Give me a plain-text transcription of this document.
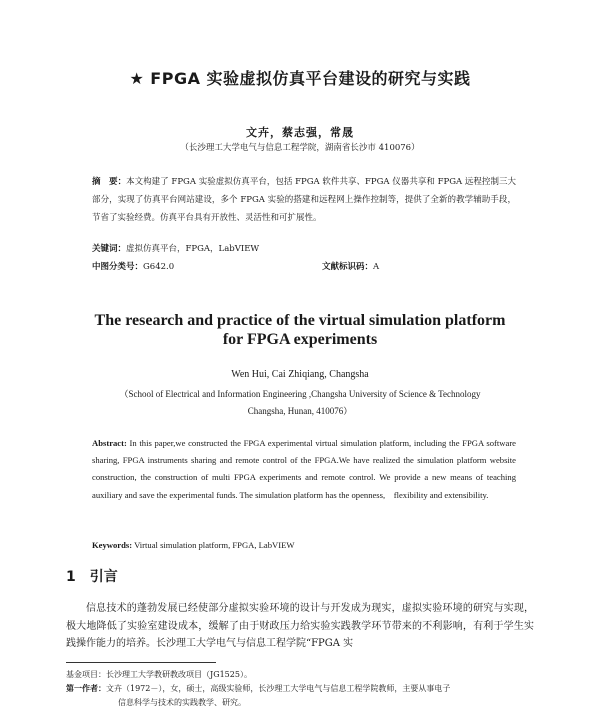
★ FPGA 实验虚拟仿真平台建设的研究与实践
文卉，蔡志强，常晟
（长沙理工大学电气与信息工程学院，湖南省长沙市 410076）
摘　要：本文构建了 FPGA 实验虚拟仿真平台，包括 FPGA 软件共享、FPGA 仪器共享和 FPGA 远程控制三大部分，实现了仿真平台网站建设，多个 FPGA 实验的搭建和远程网上操作控制等，提供了全新的教学辅助手段，节省了实验经费。仿真平台具有开放性、灵活性和可扩展性。
关键词：虚拟仿真平台，FPGA，LabVIEW
中图分类号：G642.0	文献标识码：A
The research and practice of the virtual simulation platform
for FPGA experiments
Wen Hui, Cai Zhiqiang, Changsha
（School of Electrical and Information Engineering ,Changsha University of Science & Technology
Changsha, Hunan, 410076）
Abstract: In this paper,we constructed the FPGA experimental virtual simulation platform, including the FPGA software sharing, FPGA instruments sharing and remote control of the FPGA.We have realized the simulation platform website construction, the construction of multi FPGA experiments and remote control. We provide a new means of teaching auxiliary and save the experimental funds. The simulation platform has the openness,　flexibility and extensibility.
Keywords: Virtual simulation platform, FPGA, LabVIEW
1 引言
信息技术的蓬勃发展已经使部分虚拟实验环境的设计与开发成为现实，虚拟实验环境的研究与实现，极大地降低了实验室建设成本，缓解了由于财政压力给实验实践教学环节带来的不利影响，有利于学生实践操作能力的培养。长沙理工大学电气与信息工程学院“FPGA 实
基金项目：长沙理工大学教研教改项目（JG1525）。
第一作者：文卉（1972－），女，硕士，高级实验师，长沙理工大学电气与信息工程学院教师，主要从事电子
信息科学与技术的实践教学、研究。
